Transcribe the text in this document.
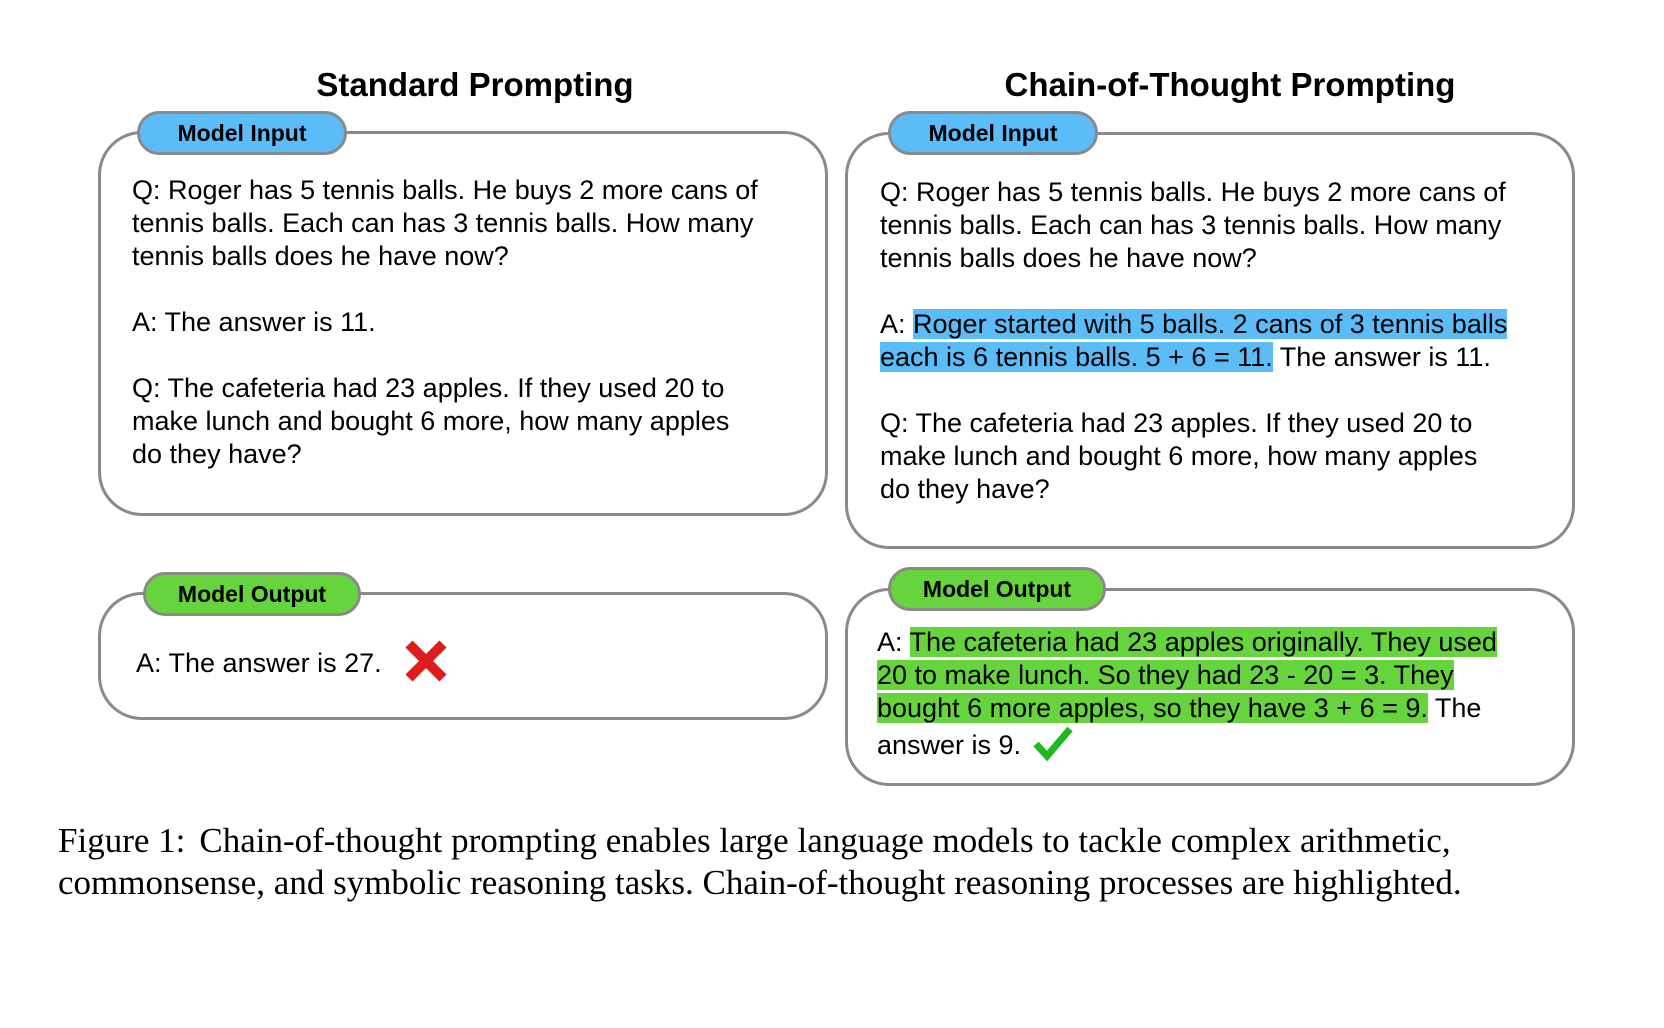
Standard Prompting	Chain-of-Thought Prompting
Model Input
Q: Roger has 5 tennis balls. He buys 2 more cans of
tennis balls. Each can has 3 tennis balls. How many
tennis balls does he have now?
A: The answer is 11.
Q: The cafeteria had 23 apples. If they used 20 to
make lunch and bought 6 more, how many apples
do they have?
Model Output
A: The answer is 27.
Model Input
Q: Roger has 5 tennis balls. He buys 2 more cans of
tennis balls. Each can has 3 tennis balls. How many
tennis balls does he have now?
A: Roger started with 5 balls. 2 cans of 3 tennis balls
each is 6 tennis balls. 5 + 6 = 11. The answer is 11.
Q: The cafeteria had 23 apples. If they used 20 to
make lunch and bought 6 more, how many apples
do they have?
Model Output
A: The cafeteria had 23 apples originally. They used
20 to make lunch. So they had 23 - 20 = 3. They
bought 6 more apples, so they have 3 + 6 = 9. The
answer is 9.
Figure 1: Chain-of-thought prompting enables large language models to tackle complex arithmetic,
commonsense, and symbolic reasoning tasks. Chain-of-thought reasoning processes are highlighted.
